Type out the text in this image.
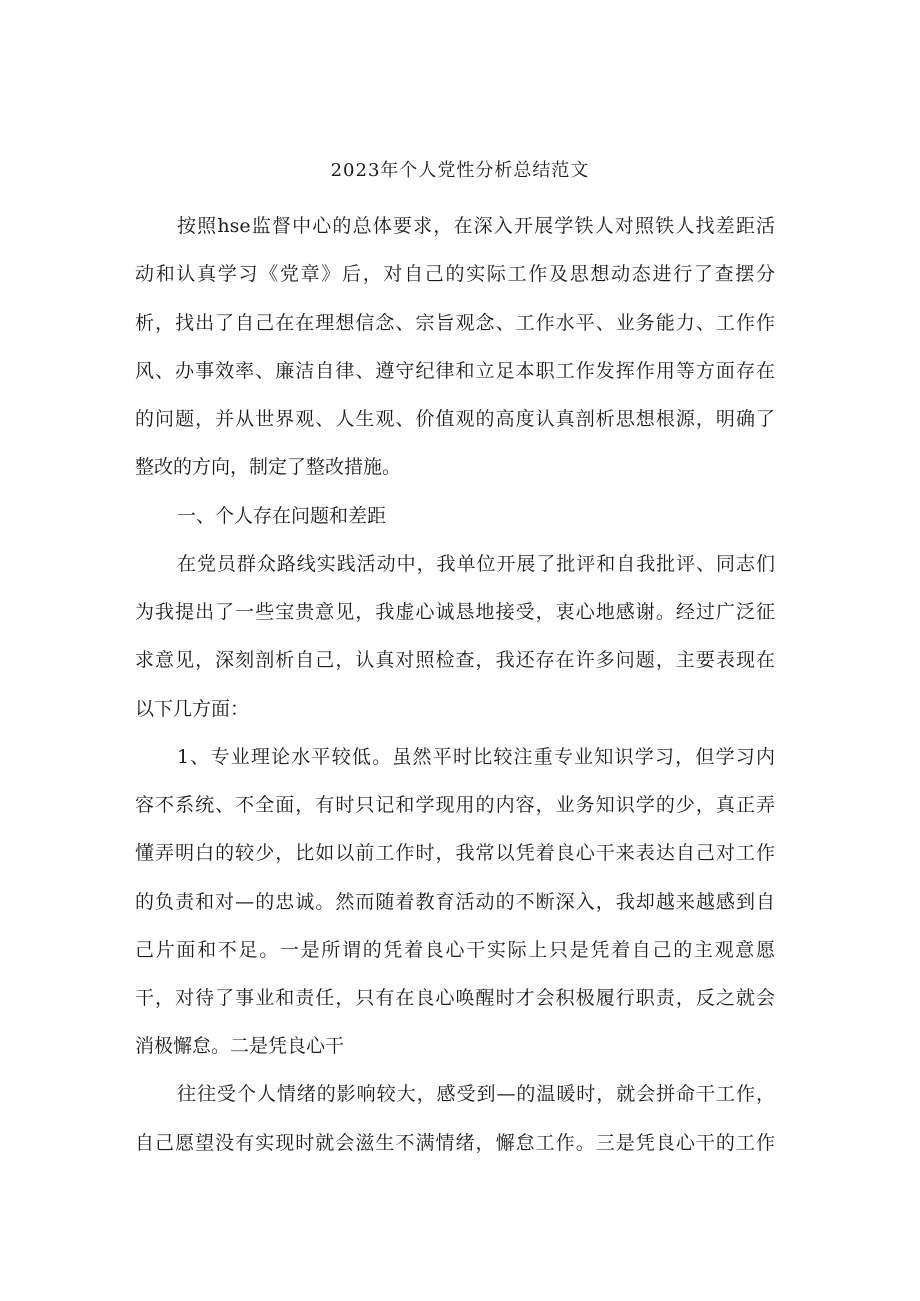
2023年个人党性分析总结范文

按照hse监督中心的总体要求，在深入开展学铁人对照铁人找差距活

动和认真学习《党章》后，对自己的实际工作及思想动态进行了查摆分

析，找出了自己在在理想信念、宗旨观念、工作水平、业务能力、工作作

风、办事效率、廉洁自律、遵守纪律和立足本职工作发挥作用等方面存在

的问题，并从世界观、人生观、价值观的高度认真剖析思想根源，明确了

整改的方向，制定了整改措施。

一、个人存在问题和差距

在党员群众路线实践活动中，我单位开展了批评和自我批评、同志们

为我提出了一些宝贵意见，我虚心诚恳地接受，衷心地感谢。经过广泛征

求意见，深刻剖析自己，认真对照检查，我还存在许多问题，主要表现在

以下几方面：

1、专业理论水平较低。虽然平时比较注重专业知识学习，但学习内

容不系统、不全面，有时只记和学现用的内容，业务知识学的少，真正弄

懂弄明白的较少，比如以前工作时，我常以凭着良心干来表达自己对工作

的负责和对—的忠诚。然而随着教育活动的不断深入，我却越来越感到自

己片面和不足。一是所谓的凭着良心干实际上只是凭着自己的主观意愿

干，对待了事业和责任，只有在良心唤醒时才会积极履行职责，反之就会

消极懈怠。二是凭良心干

往往受个人情绪的影响较大，感受到—的温暖时，就会拼命干工作，

自己愿望没有实现时就会滋生不满情绪，懈怠工作。三是凭良心干的工作
